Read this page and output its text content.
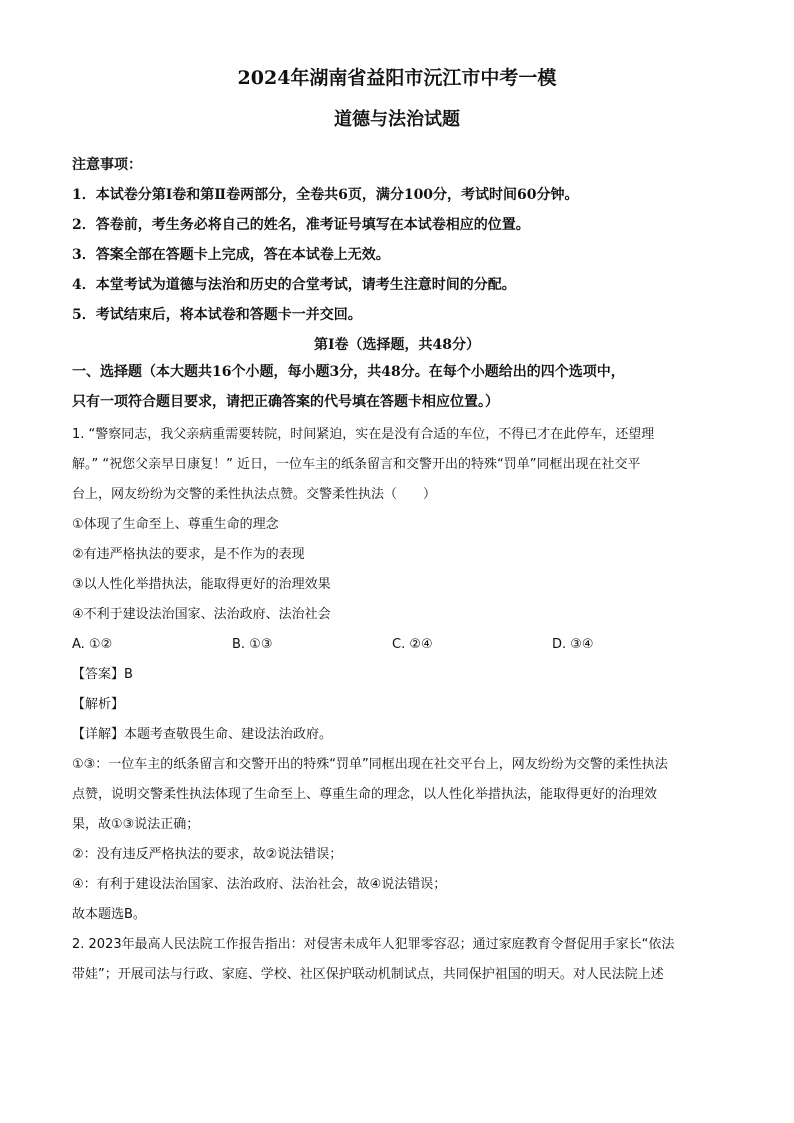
2024年湖南省益阳市沅江市中考一模
道德与法治试题
注意事项：
1．本试卷分第Ⅰ卷和第Ⅱ卷两部分，全卷共6页，满分100分，考试时间60分钟。
2．答卷前，考生务必将自己的姓名，准考证号填写在本试卷相应的位置。
3．答案全部在答题卡上完成，答在本试卷上无效。
4．本堂考试为道德与法治和历史的合堂考试，请考生注意时间的分配。
5．考试结束后，将本试卷和答题卡一并交回。
第Ⅰ卷（选择题，共48分）
一、选择题（本大题共16个小题，每小题3分，共48分。在每个小题给出的四个选项中，
只有一项符合题目要求，请把正确答案的代号填在答题卡相应位置。）

1. “警察同志，我父亲病重需要转院，时间紧迫，实在是没有合适的车位，不得已才在此停车，还望理

解。” “祝您父亲早日康复！” 近日，一位车主的纸条留言和交警开出的特殊“罚单”同框出现在社交平

台上，网友纷纷为交警的柔性执法点赞。交警柔性执法（　　）

①体现了生命至上、尊重生命的理念

②有违严格执法的要求，是不作为的表现

③以人性化举措执法，能取得更好的治理效果

④不利于建设法治国家、法治政府、法治社会

A. ①②	B. ①③	C. ②④	D. ③④
【答案】B
【解析】

【详解】本题考查敬畏生命、建设法治政府。

①③：一位车主的纸条留言和交警开出的特殊“罚单”同框出现在社交平台上，网友纷纷为交警的柔性执法

点赞，说明交警柔性执法体现了生命至上、尊重生命的理念，以人性化举措执法，能取得更好的治理效

果，故①③说法正确；

②：没有违反严格执法的要求，故②说法错误；

④：有利于建设法治国家、法治政府、法治社会，故④说法错误；

故本题选B。

2. 2023年最高人民法院工作报告指出：对侵害未成年人犯罪零容忍；通过家庭教育令督促用手家长“依法

带娃”；开展司法与行政、家庭、学校、社区保护联动机制试点，共同保护祖国的明天。对人民法院上述
